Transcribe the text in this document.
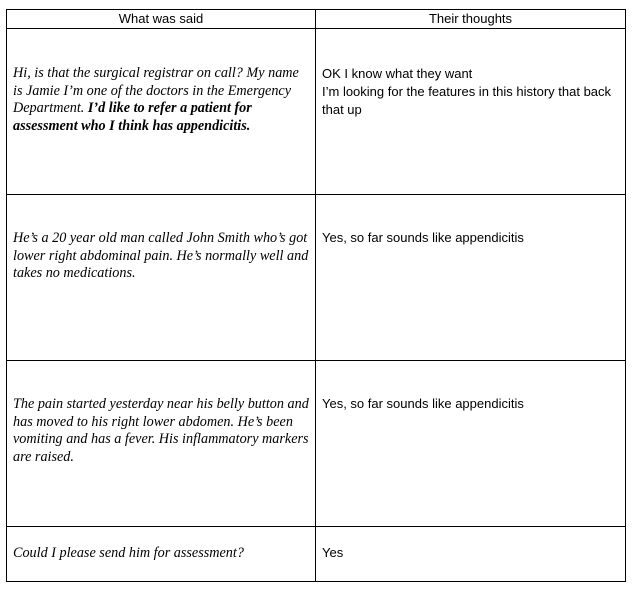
What was said	Their thoughts

Hi, is that the surgical registrar on call? My name is Jamie I’m one of the doctors in the Emergency Department. I’d like to refer a patient for assessment who I think has appendicitis.	OK I know what they want
I’m looking for the features in this history that back that up

He’s a 20 year old man called John Smith who’s got lower right abdominal pain. He’s normally well and takes no medications.	Yes, so far sounds like appendicitis

The pain started yesterday near his belly button and has moved to his right lower abdomen. He’s been vomiting and has a fever. His inflammatory markers are raised.	Yes, so far sounds like appendicitis

Could I please send him for assessment?	Yes
